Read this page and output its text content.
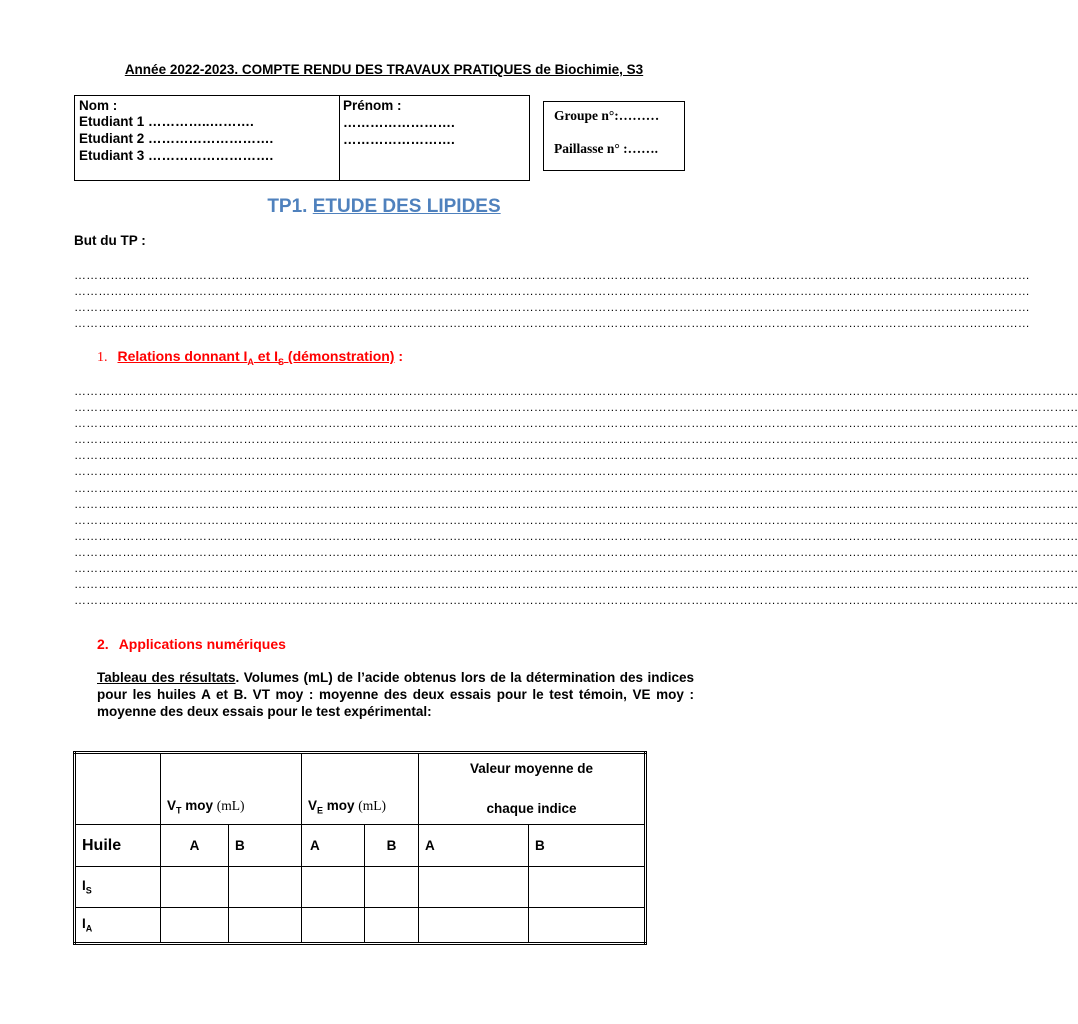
Année 2022-2023. COMPTE RENDU DES TRAVAUX PRATIQUES de Biochimie, S3
Nom :
Etudiant 1 …………..……….
Etudiant 2 ……………………….
Etudiant 3 ……………………….
Prénom :
…………………….
…………………….
Groupe n°:………
Paillasse n° :…….
TP1. ETUDE DES LIPIDES
But du TP :
…………………………………………………………………………………………………………………………………………………………………………………………………………………
…………………………………………………………………………………………………………………………………………………………………………………………………………………
…………………………………………………………………………………………………………………………………………………………………………………………………………………
…………………………………………………………………………………………………………………………………………………………………………………………………………………
1. Relations donnant $I_A$ et $I_S$ (démonstration) :
……………………………………………………………………………………………………………………………………………………………………………………………………………………………
……………………………………………………………………………………………………………………………………………………………………………………………………………………………
……………………………………………………………………………………………………………………………………………………………………………………………………………………………
……………………………………………………………………………………………………………………………………………………………………………………………………………………………
……………………………………………………………………………………………………………………………………………………………………………………………………………………………
……………………………………………………………………………………………………………………………………………………………………………………………………………………………
……………………………………………………………………………………………………………………………………………………………………………………………………………………………
……………………………………………………………………………………………………………………………………………………………………………………………………………………………
……………………………………………………………………………………………………………………………………………………………………………………………………………………………
……………………………………………………………………………………………………………………………………………………………………………………………………………………………
……………………………………………………………………………………………………………………………………………………………………………………………………………………………
……………………………………………………………………………………………………………………………………………………………………………………………………………………………
……………………………………………………………………………………………………………………………………………………………………………………………………………………………
……………………………………………………………………………………………………………………………………………………………………………………………………………………………
2. Applications numériques
Tableau des résultats. Volumes (mL) de l’acide obtenus lors de la détermination des indices pour les huiles A et B. VT moy : moyenne des deux essais pour le test témoin, VE moy : moyenne des deux essais pour le test expérimental:
	$V_T$ moy (mL)		$V_E$ moy (mL)		Valeur moyenne de
chaque indice	

Huile	A	B	A	B	A	B
$I_S$						
$I_A$						
